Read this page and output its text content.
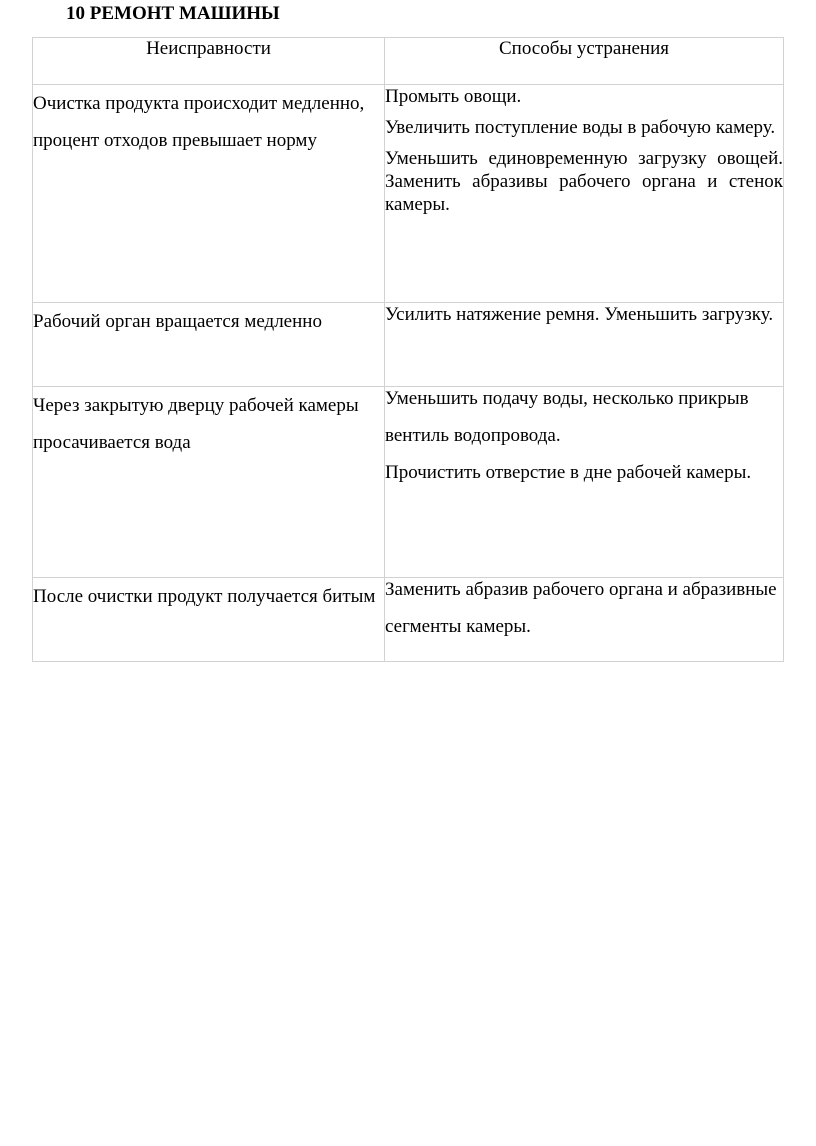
10 РЕМОНТ МАШИНЫ
Неисправности	Способы устранения
Очистка продукта происходит медленно, процент отходов превышает норму	Промыть овощи.
Увеличить поступление воды в рабочую камеру.
Уменьшить единовременную загрузку овощей. Заменить абразивы рабочего органа и стенок камеры.

Рабочий орган вращается медленно	Усилить натяжение ремня. Уменьшить загрузку.

Через закрытую дверцу рабочей камеры просачивается вода	Уменьшить подачу воды, несколько прикрыв вентиль водопровода.
Прочистить отверстие в дне рабочей камеры.

После очистки продукт получается битым	Заменить абразив рабочего органа и абразивные сегменты камеры.
